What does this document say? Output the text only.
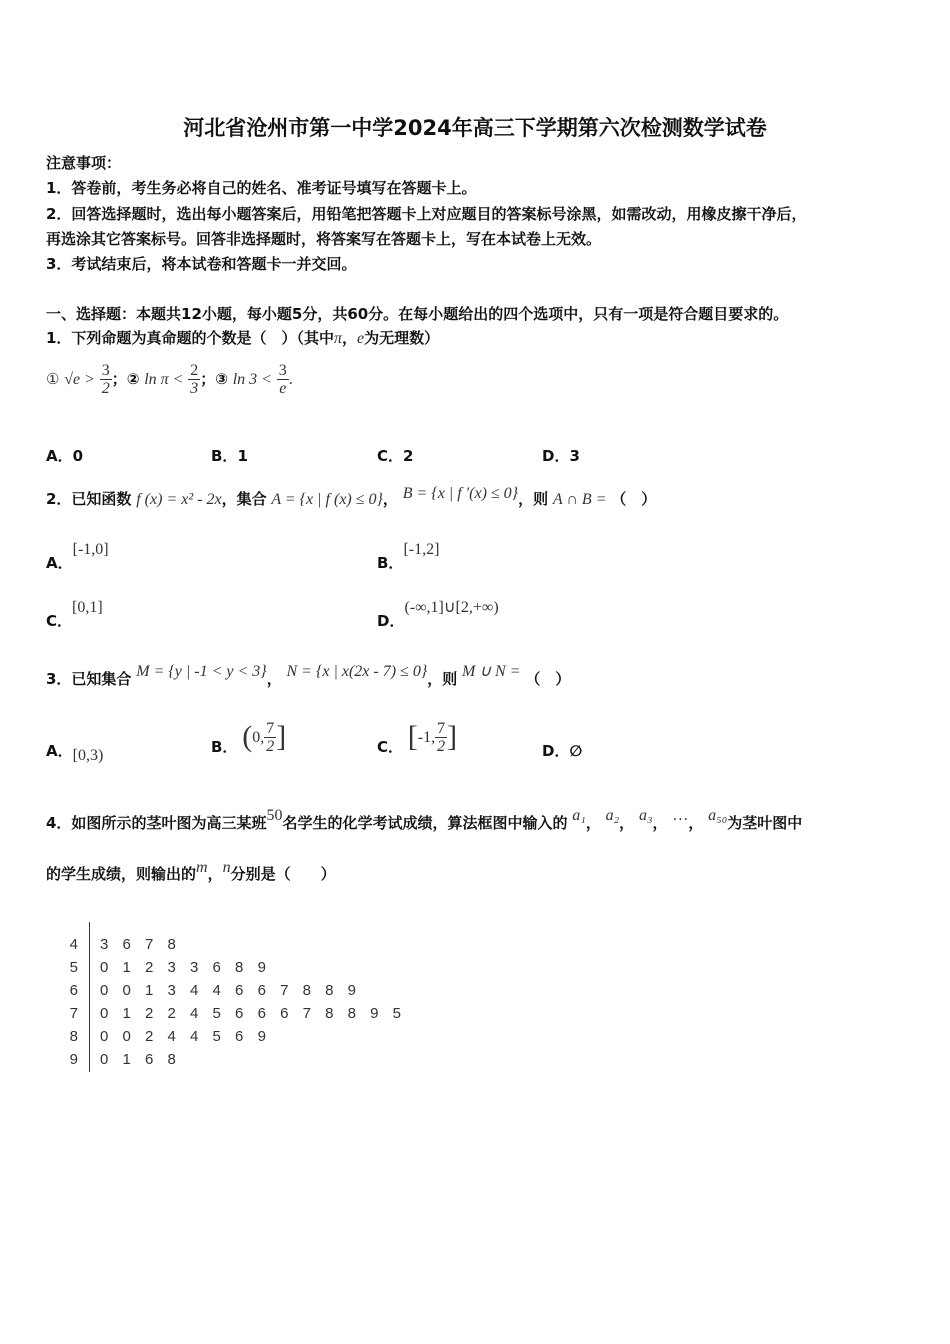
河北省沧州市第一中学2024年高三下学期第六次检测数学试卷
注意事项：
1．答卷前，考生务必将自己的姓名、准考证号填写在答题卡上。
2．回答选择题时，选出每小题答案后，用铅笔把答题卡上对应题目的答案标号涂黑，如需改动，用橡皮擦干净后，
再选涂其它答案标号。回答非选择题时，将答案写在答题卡上，写在本试卷上无效。
3．考试结束后，将本试卷和答题卡一并交回。
一、选择题：本题共12小题，每小题5分，共60分。在每小题给出的四个选项中，只有一项是符合题目要求的。
1．下列命题为真命题的个数是（　）（其中π，e为无理数）
① $√e > \frac{3}{2}$ ；② $\ln \pi < \frac{2}{3}$ ；③ $\ln 3 < \frac{3}{e}$ .
A．0	B．1	C．2	D．3
2．已知函数 f (x) = x² - 2x，集合 A = {x | f (x) ≤ 0}， B = {x | f ′(x) ≤ 0}，则 A ∩ B = （　）
A．[-1,0]
B．[-1,2]
C．[0,1]
D．(-∞,1]∪[2,+∞)
3．已知集合 M = {y | -1 < y < 3}， N = {x | x(2x - 7) ≤ 0}，则 M ∪ N = （　）
A．[0,3)	B． (0, $\frac{7}{2}$ ]	C． [-1, $\frac{7}{2}$ ]	D．∅
4．如图所示的茎叶图为高三某班50名学生的化学考试成绩，算法框图中输入的 a₁， a₂， a₃， …， a₅₀为茎叶图中
的学生成绩，则输出的m，n分别是（　　）
4 3 6 7 8
5 0 1 2 3 3 6 8 9
6 0 0 1 3 4 4 6 6 7 8 8 9
7 0 1 2 2 4 5 6 6 6 7 8 8 9 5
8 0 0 2 4 4 5 6 9
9 0 1 6 8
